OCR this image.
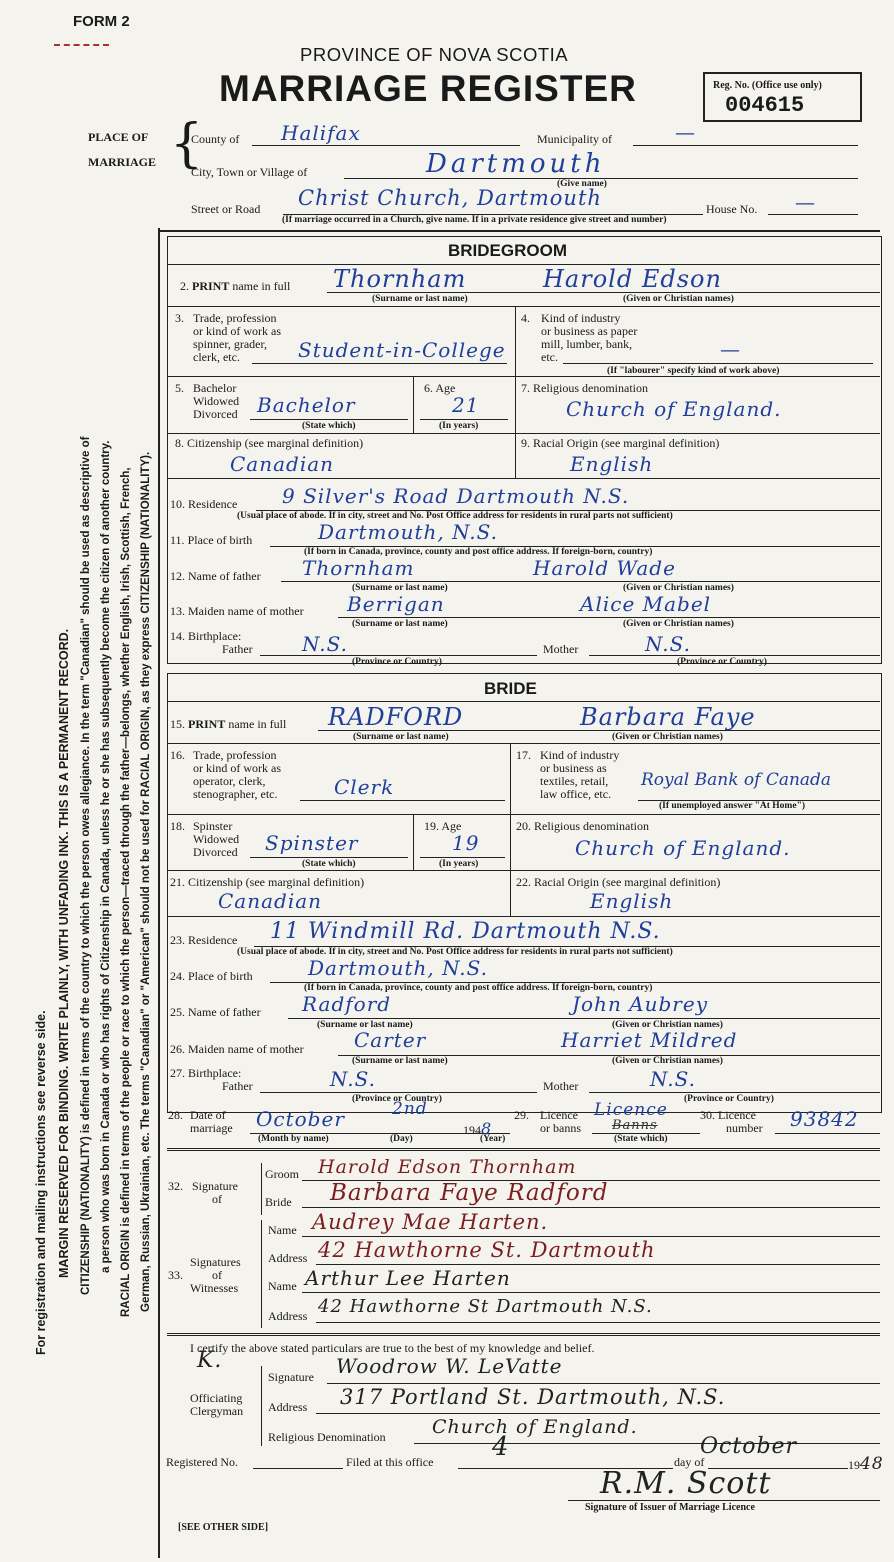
FORM 2
PROVINCE OF NOVA SCOTIA
MARRIAGE REGISTER	Reg. No. (Office use only)
004615
PLACE OF
MARRIAGE {
County of Halifax	Municipality of	—
City, Town or Village of	Dartmouth
(Give name)
Street or Road Christ Church, Dartmouth	House No. —
(If marriage occurred in a Church, give name. If in a private residence give street and number)
For registration and mailing instructions see reverse side. MARGIN RESERVED FOR BINDING. WRITE PLAINLY, WITH UNFADING INK. THIS IS A PERMANENT RECORD. CITIZENSHIP (NATIONALITY) is defined in terms of the country to which the person owes allegiance. In the term "Canadian" should be used as descriptive of a person who was born in Canada or who has rights of Citizenship in Canada, unless he or she has subsequently become the citizen of another country. RACIAL ORIGIN is defined in terms of the people or race to which the person—traced through the father—belongs, whether English, Irish, Scottish, French, German, Russian, Ukrainian, etc. The terms "Canadian" or "American" should not be used for RACIAL ORIGIN, as they express CITIZENSHIP (NATIONALITY).
BRIDEGROOM
2. PRINT name in full Thornham	Harold Edson
(Surname or last name)	(Given or Christian names)
3. Trade, profession
or kind of work as
spinner, grader,
clerk, etc.	Student-in-College
4. Kind of industry
or business as paper
mill, lumber, bank,
etc.	—
(If "labourer" specify kind of work above)
5. Bachelor
Widowed
Divorced Bachelor
(State which)
6. Age
21
(In years)
7. Religious denomination
Church of England.
8. Citizenship (see marginal definition)
Canadian
9. Racial Origin (see marginal definition)
English
10. Residence 9 Silver's Road Dartmouth N.S.
(Usual place of abode. If in city, street and No. Post Office address for residents in rural parts not sufficient)
11. Place of birth	Dartmouth, N.S.
(If born in Canada, province, county and post office address. If foreign-born, country)
12. Name of father Thornham	Harold Wade
(Surname or last name)	(Given or Christian names)
13. Maiden name of mother Berrigan	Alice Mabel
(Surname or last name)	(Given or Christian names)
14. Birthplace:
Father N.S.
(Province or Country)
Mother	N.S.
(Province or Country)
BRIDE
15. PRINT name in full RADFORD	Barbara Faye
(Surname or last name)	(Given or Christian names)
16. Trade, profession
or kind of work as
operator, clerk,
stenographer, etc.	Clerk
17. Kind of industry
or business as
textiles, retail,
law office, etc.
Royal Bank of Canada
(If unemployed answer "At Home")
18. Spinster
Widowed
Divorced Spinster
(State which)
19. Age
19
(In years)
20. Religious denomination
Church of England.
21. Citizenship (see marginal definition)
Canadian
22. Racial Origin (see marginal definition)
English
23. Residence 11 Windmill Rd. Dartmouth N.S.
(Usual place of abode. If in city, street and No. Post Office address for residents in rural parts not sufficient)
24. Place of birth	Dartmouth, N.S.
(If born in Canada, province, county and post office address. If foreign-born, country)
25. Name of father Radford	John Aubrey
(Surname or last name)	(Given or Christian names)
26. Maiden name of mother	Carter	Harriet Mildred
(Surname or last name)	(Given or Christian names)
27. Birthplace:
Father	N.S.
(Province or Country)
Mother	N.S.
(Province or Country)
28. Date of
marriage October	2nd
1948
(Month by name)	(Day)	(Year)
29. Licence
or banns
Licence
Banns
(State which)
30. Licence
number 93842
32. Signature
of
Groom Harold Edson Thornham
Bride Barbara Faye Radford
33.
Signatures
of
Witnesses
Name Audrey Mae Harten.
Address 42 Hawthorne St. Dartmouth
Name Arthur Lee Harten
Address 42 Hawthorne St Dartmouth N.S.
I certify the above stated particulars are true to the best of my knowledge and belief.
K.
Officiating
Clergyman
Signature Woodrow W. LeVatte
Address 317 Portland St. Dartmouth, N.S.
Religious Denomination Church of England.
Registered No.	Filed at this office 4	day of
October
1948
R.M. Scott
Signature of Issuer of Marriage Licence
[SEE OTHER SIDE]
